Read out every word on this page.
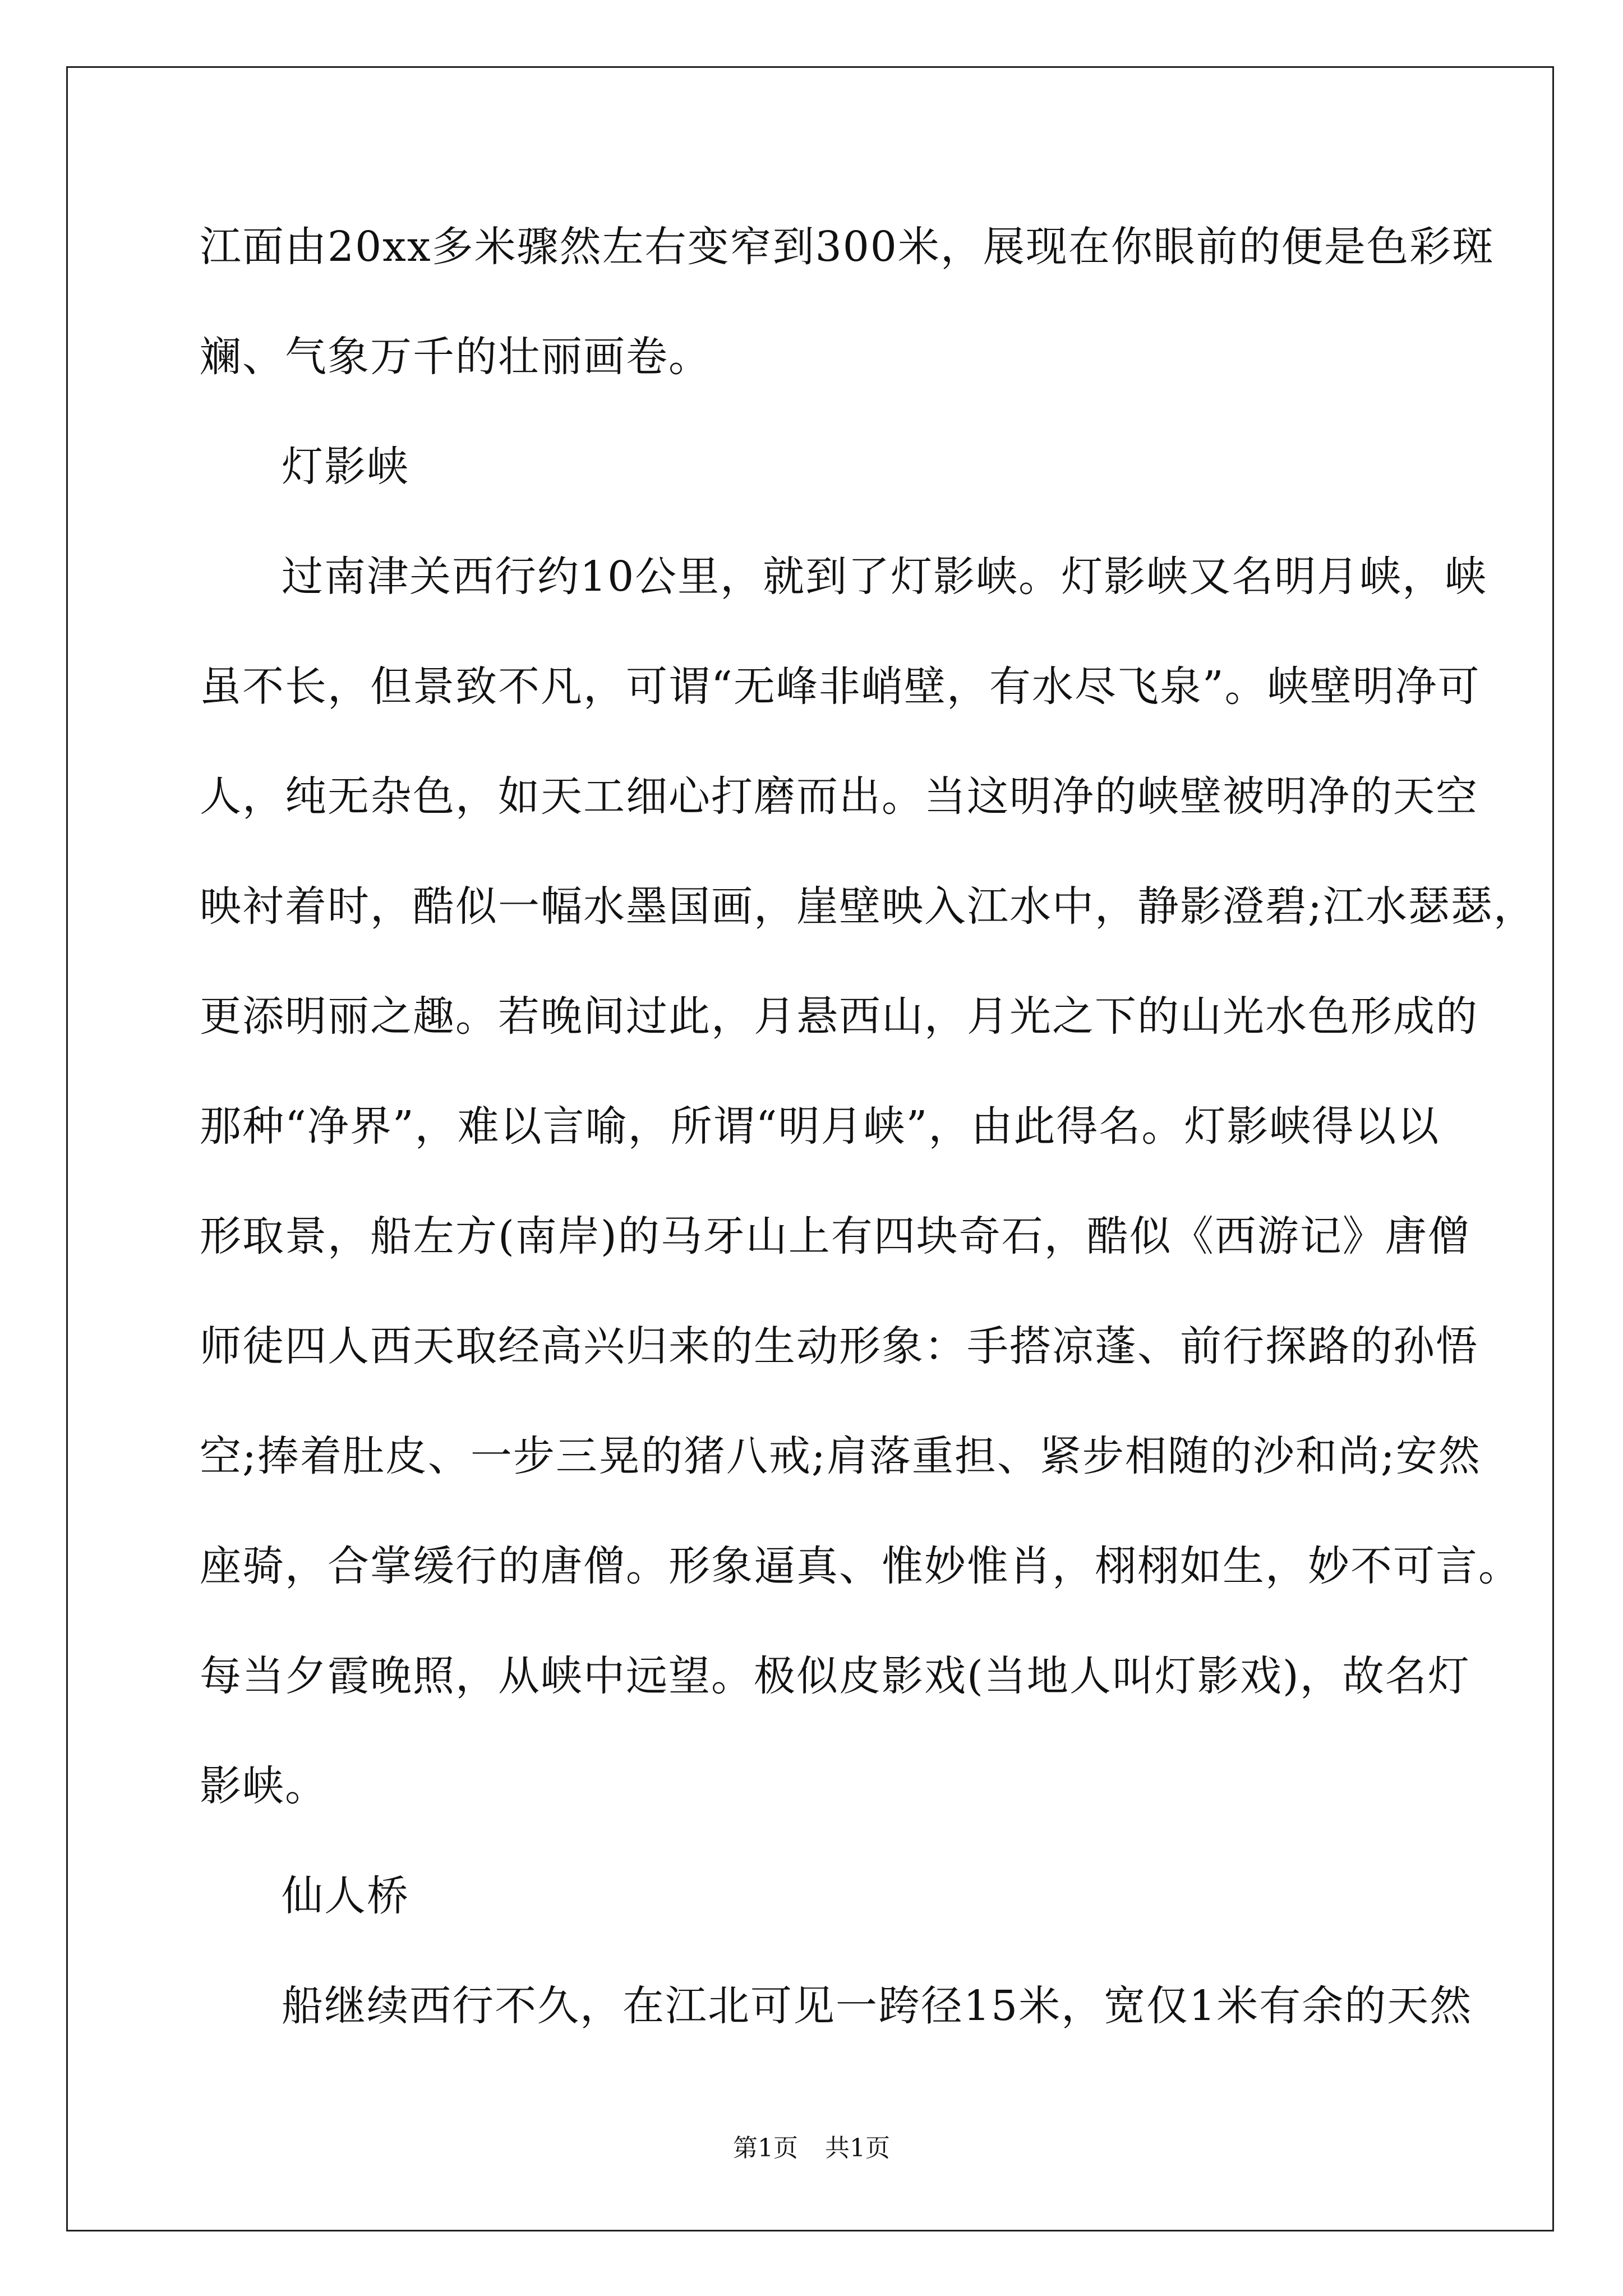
江面由20xx多米骤然左右变窄到300米，展现在你眼前的便是色彩斑
斓、气象万千的壮丽画卷。
灯影峡
过南津关西行约10公里，就到了灯影峡。灯影峡又名明月峡，峡
虽不长，但景致不凡，可谓“无峰非峭壁，有水尽飞泉”。峡壁明净可
人，纯无杂色，如天工细心打磨而出。当这明净的峡壁被明净的天空
映衬着时，酷似一幅水墨国画，崖壁映入江水中，静影澄碧;江水瑟瑟，
更添明丽之趣。若晚间过此，月悬西山，月光之下的山光水色形成的
那种“净界”，难以言喻，所谓“明月峡”，由此得名。灯影峡得以以
形取景，船左方(南岸)的马牙山上有四块奇石，酷似《西游记》唐僧
师徒四人西天取经高兴归来的生动形象：手搭凉蓬、前行探路的孙悟
空;捧着肚皮、一步三晃的猪八戒;肩落重担、紧步相随的沙和尚;安然
座骑，合掌缓行的唐僧。形象逼真、惟妙惟肖，栩栩如生，妙不可言。
每当夕霞晚照，从峡中远望。极似皮影戏(当地人叫灯影戏)，故名灯
影峡。
仙人桥
船继续西行不久，在江北可见一跨径15米，宽仅1米有余的天然
第1页 共1页
